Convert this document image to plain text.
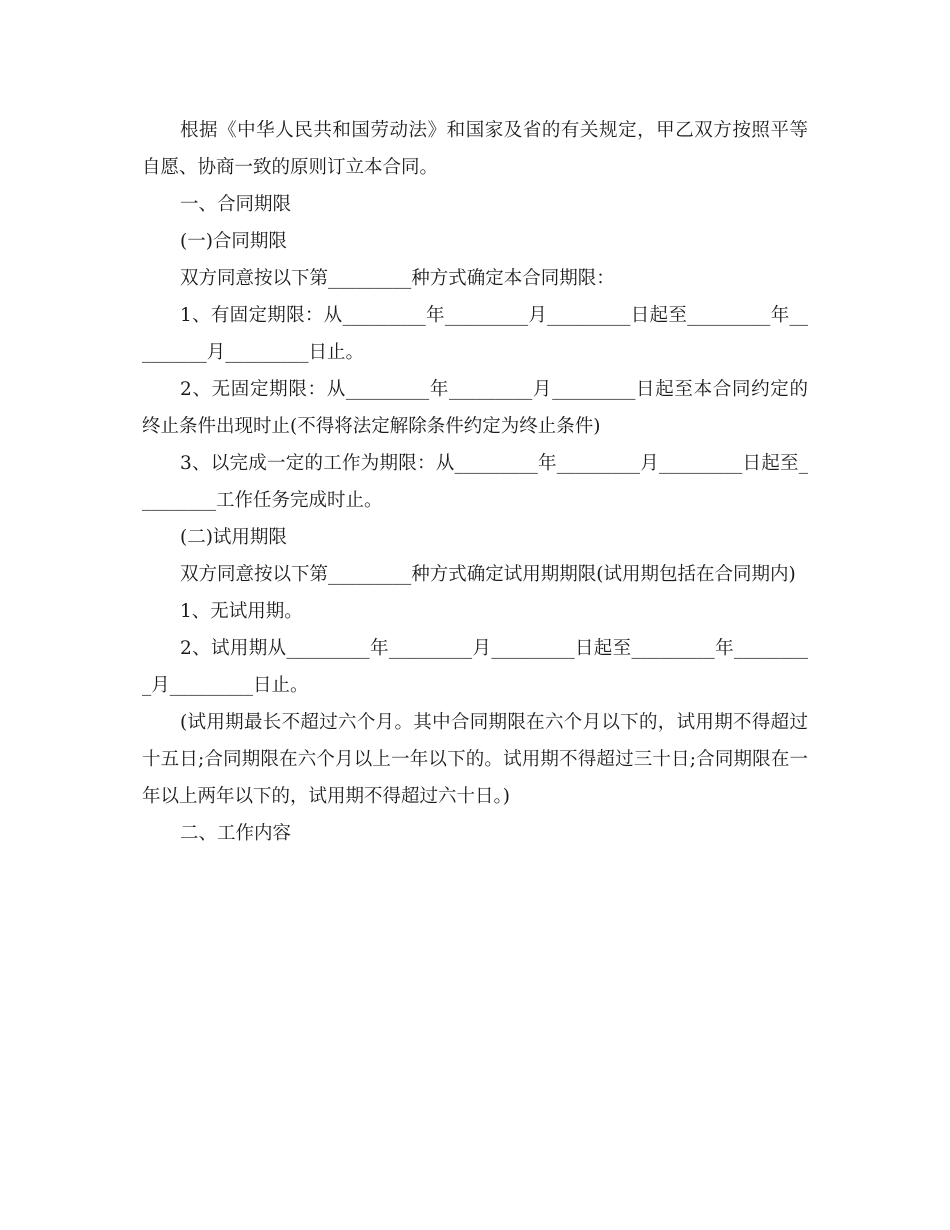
根据《中华人民共和国劳动法》和国家及省的有关规定，甲乙双方按照平等自愿、协商一致的原则订立本合同。

一、合同期限

(一)合同期限

双方同意按以下第_________种方式确定本合同期限：

1、有固定期限：从_________年_________月_________日起至_________年_________月_________日止。

2、无固定期限：从_________年_________月_________日起至本合同约定的终止条件出现时止(不得将法定解除条件约定为终止条件)

3、以完成一定的工作为期限：从_________年_________月_________日起至_________工作任务完成时止。

(二)试用期限

双方同意按以下第_________种方式确定试用期期限(试用期包括在合同期内)

1、无试用期。

2、试用期从_________年_________月_________日起至_________年_________月_________日止。

(试用期最长不超过六个月。其中合同期限在六个月以下的，试用期不得超过十五日;合同期限在六个月以上一年以下的。试用期不得超过三十日;合同期限在一年以上两年以下的，试用期不得超过六十日。)

二、工作内容
